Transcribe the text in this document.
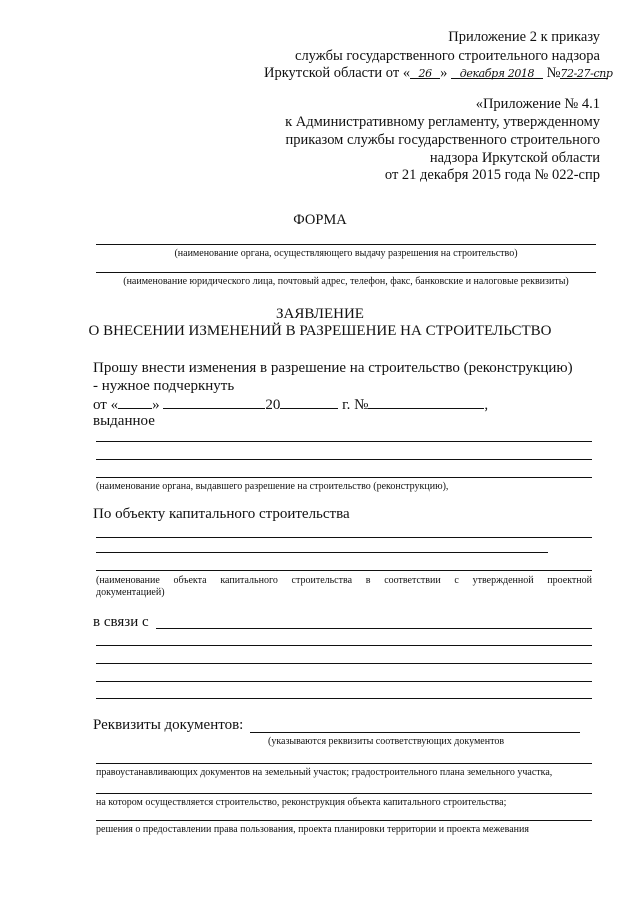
Приложение 2 к приказу
службы государственного строительного надзора
Иркутской области от « 26 » декабря 2018 №72-27-спр
«Приложение № 4.1
к Административному регламенту, утвержденному
приказом службы государственного строительного
надзора Иркутской области
от 21 декабря 2015 года № 022-спр
ФОРМА
(наименование органа, осуществляющего выдачу разрешения на строительство)
(наименование юридического лица, почтовый адрес, телефон, факс, банковские и налоговые реквизиты)
ЗАЯВЛЕНИЕ
О ВНЕСЕНИИ ИЗМЕНЕНИЙ В РАЗРЕШЕНИЕ НА СТРОИТЕЛЬСТВО
Прошу внести изменения в разрешение на строительство (реконструкцию)
- нужное подчеркнуть
от « »	20	г. №	,
выданное
(наименование органа, выдавшего разрешение на строительство (реконструкцию),
По объекту капитального строительства
(наименование объекта капитального строительства в соответствии с утвержденной проектной
документацией)
в связи с
Реквизиты документов:
(указываются реквизиты соответствующих документов
правоустанавливающих документов на земельный участок; градостроительного плана земельного участка,
на котором осуществляется строительство, реконструкция объекта капитального строительства;
решения о предоставлении права пользования, проекта планировки территории и проекта межевания
